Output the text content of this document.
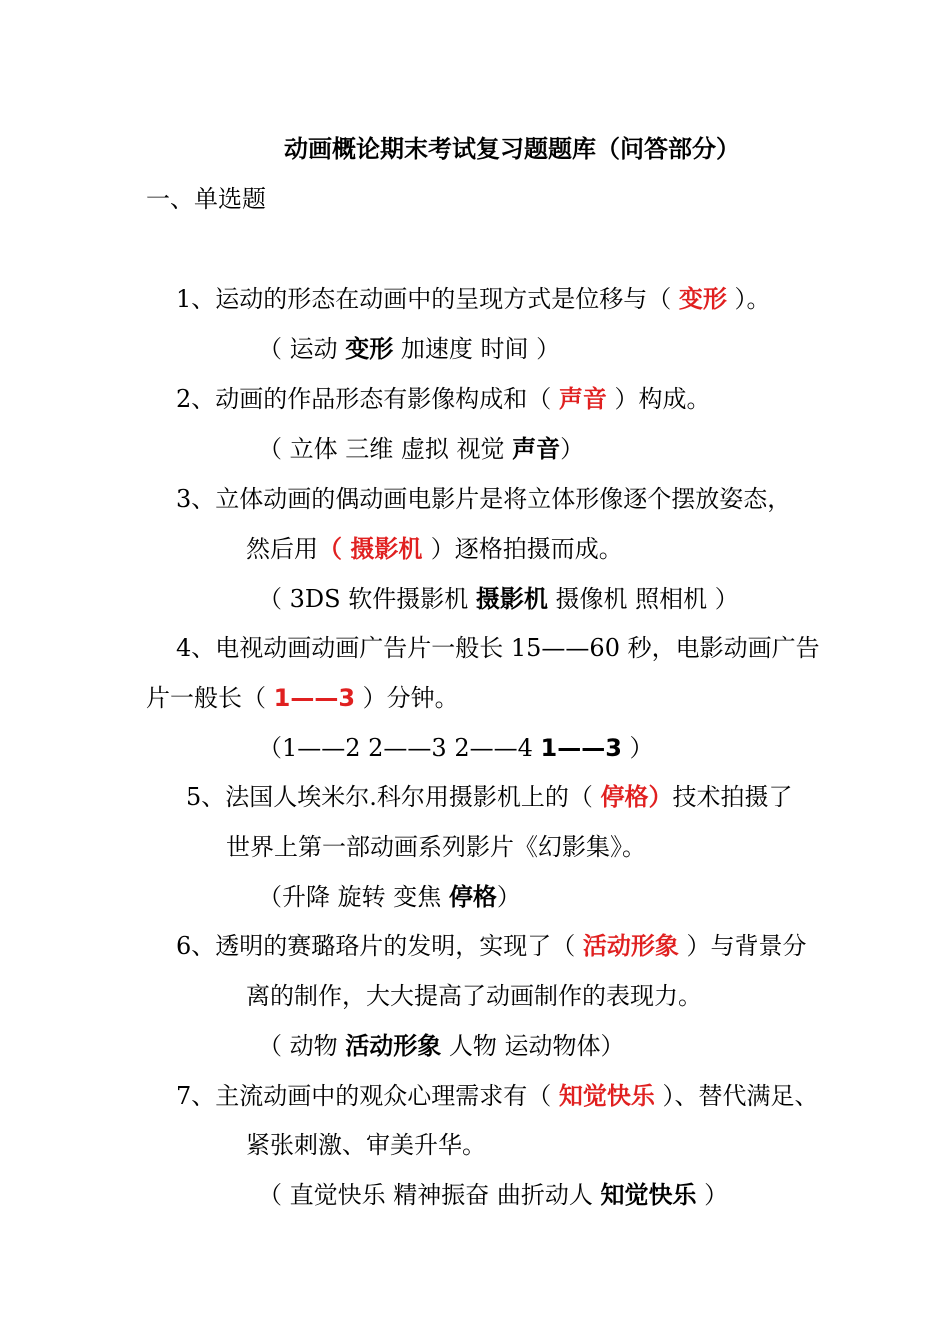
动画概论期末考试复习题题库（问答部分）
一、单选题
1、运动的形态在动画中的呈现方式是位移与（ 变形 ）。
（ 运动 变形 加速度 时间 ）
2、动画的作品形态有影像构成和（ 声音 ）构成。
（ 立体 三维 虚拟 视觉 声音）
3、立体动画的偶动画电影片是将立体形像逐个摆放姿态，
然后用（ 摄影机 ）逐格拍摄而成。
（ 3DS 软件摄影机 摄影机 摄像机 照相机 ）
4、电视动画动画广告片一般长 15——60 秒，电影动画广告
片一般长（ 1——3 ）分钟。
（1——2 2——3 2——4 1——3 ）
5、法国人埃米尔.科尔用摄影机上的（ 停格）技术拍摄了
世界上第一部动画系列影片《幻影集》。
（升降 旋转 变焦 停格）
6、透明的赛璐珞片的发明，实现了（ 活动形象 ）与背景分
离的制作，大大提高了动画制作的表现力。
（ 动物 活动形象 人物 运动物体）
7、主流动画中的观众心理需求有（ 知觉快乐 ）、替代满足、
紧张刺激、审美升华。
（ 直觉快乐 精神振奋 曲折动人 知觉快乐 ）
